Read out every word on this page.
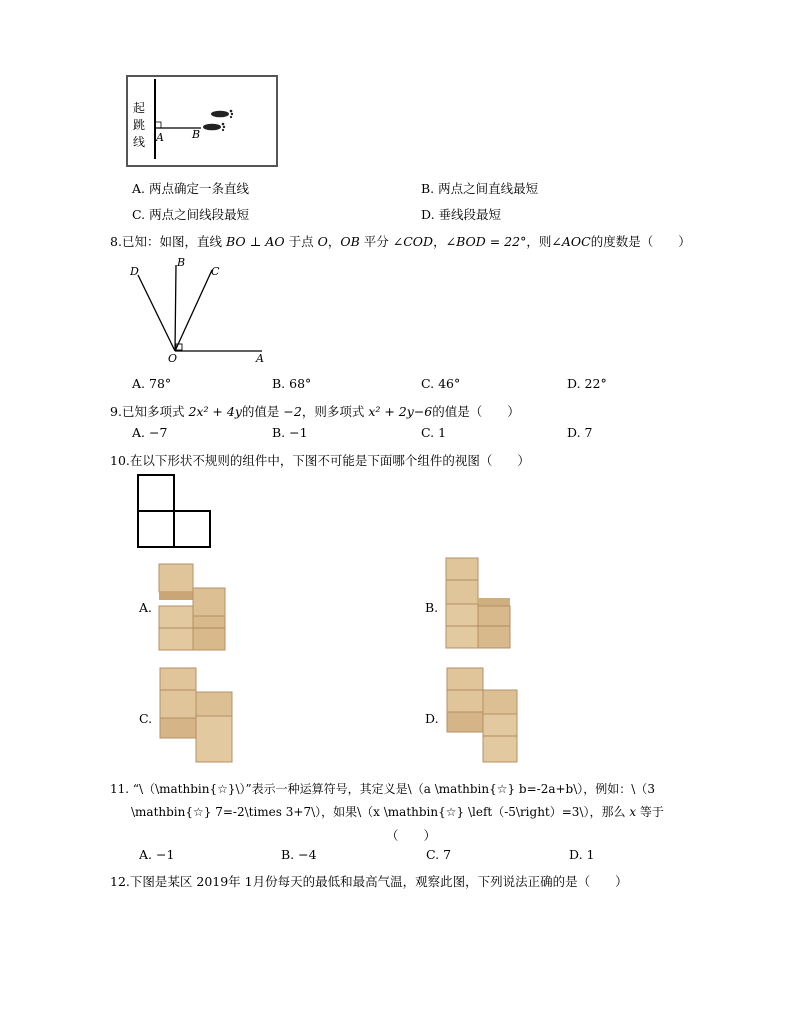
起
跳
线 A	B
A. 两点确定一条直线	B. 两点之间直线最短
C. 两点之间线段最短	D. 垂线段最短
8.已知：如图，直线 BO ⊥ AO 于点 O，OB 平分 ∠COD，∠BOD = 22°，则∠AOC的度数是（　　）
D
B
C
O	A
A. 78°	B. 68°	C. 46°	D. 22°
9.已知多项式 2x² + 4y的值是 −2，则多项式 x² + 2y−6的值是（　　）
A. −7	B. −1	C. 1	D. 7
10.在以下形状不规则的组件中，下图不可能是下面哪个组件的视图（　　）
A.	B.
C.	D.
11. “\（\mathbin{☆}\）”表示一种运算符号，其定义是\（a \mathbin{☆} b=-2a+b\），例如：\（3
\mathbin{☆} 7=-2\times 3+7\），如果\（x \mathbin{☆} \left（-5\right）=3\），那么 x 等于
（　　）
A. −1	B. −4	C. 7	D. 1
12.下图是某区 2019年 1月份每天的最低和最高气温，观察此图，下列说法正确的是（　　）
